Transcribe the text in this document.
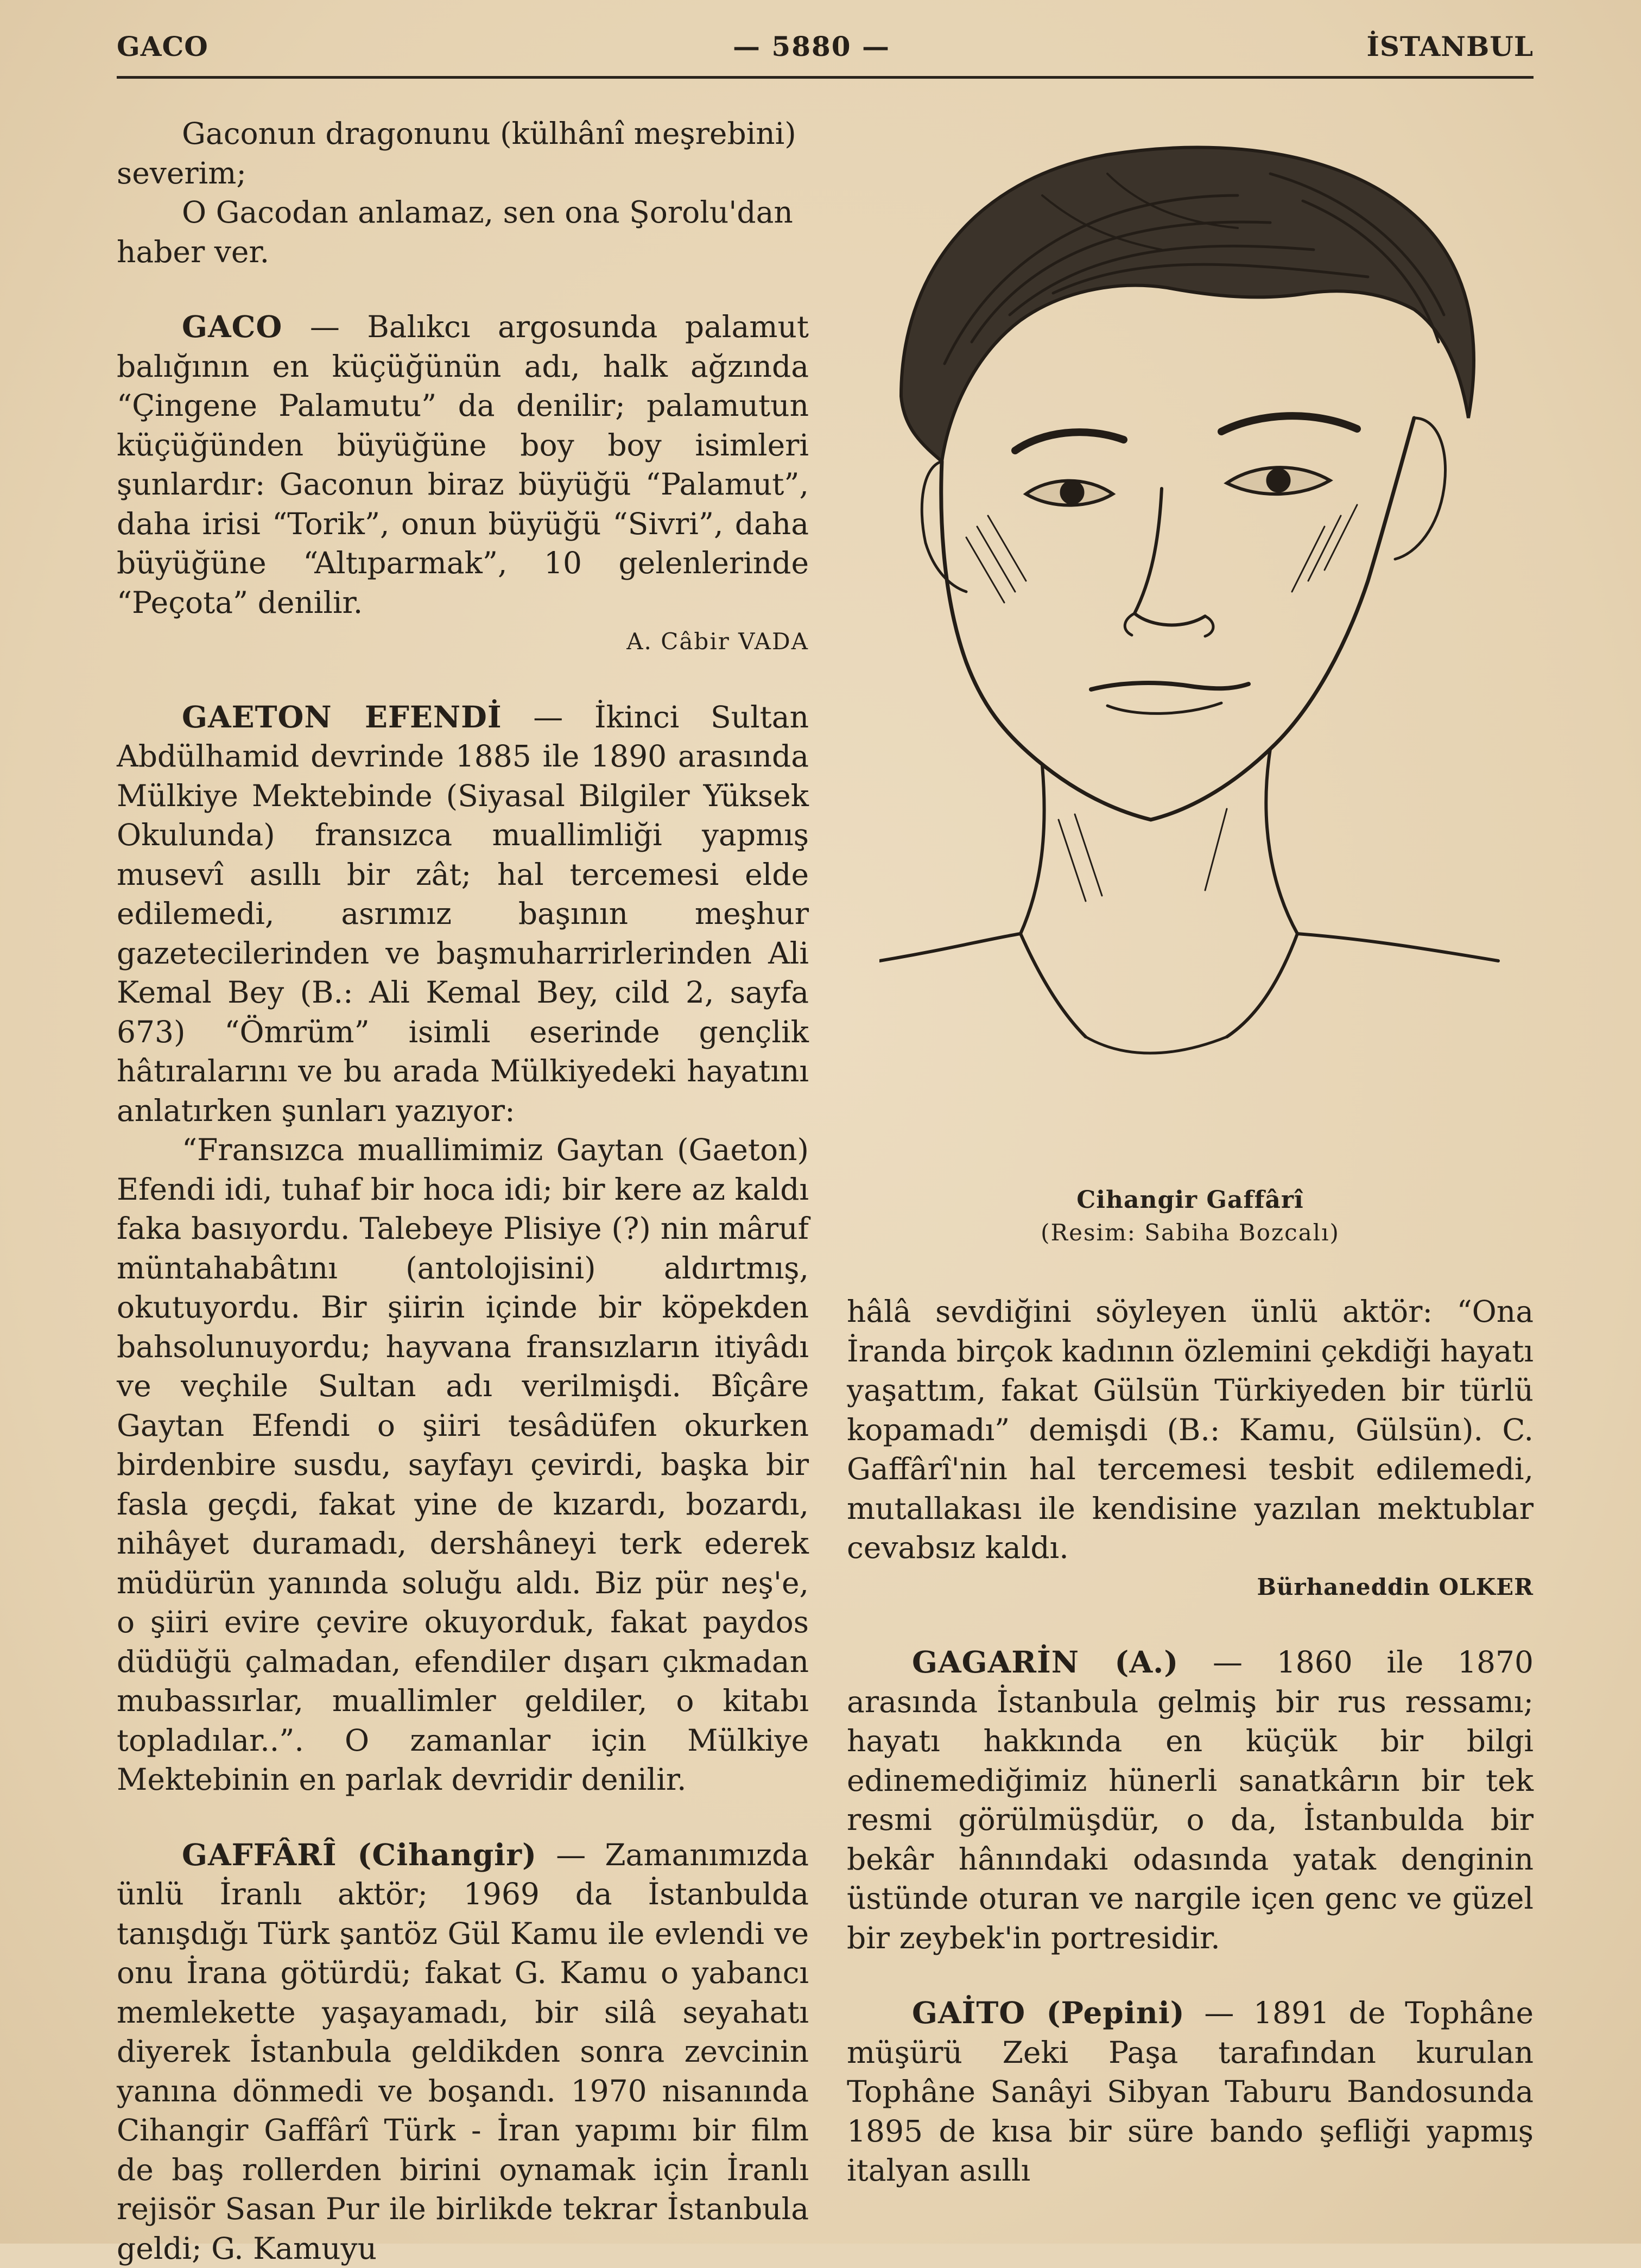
GACO	— 5880 —	İSTANBUL

Gaconun dragonunu (külhânî meşrebini)

severim;

O Gacodan anlamaz, sen ona Şorolu'dan

haber ver.

GACO — Balıkcı argosunda palamut balığının en küçüğünün adı, halk ağzında “Çingene Palamutu” da denilir; palamutun küçüğünden büyüğüne boy boy isimleri şunlardır: Gaconun biraz büyüğü “Palamut”, daha irisi “Torik”, onun büyüğü “Sivri”, daha büyüğüne “Altıparmak”, 10 gelenlerinde “Peçota” denilir.

A. Câbir VADA

GAETON EFENDİ — İkinci Sultan Abdülhamid devrinde 1885 ile 1890 arasında Mülkiye Mektebinde (Siyasal Bilgiler Yüksek Okulunda) fransızca muallimliği yapmış musevî asıllı bir zât; hal tercemesi elde edilemedi, asrımız başının meşhur gazetecilerinden ve başmuharrirlerinden Ali Kemal Bey (B.: Ali Kemal Bey, cild 2, sayfa 673) “Ömrüm” isimli eserinde gençlik hâtıralarını ve bu arada Mülkiyedeki hayatını anlatırken şunları yazıyor:

“Fransızca muallimimiz Gaytan (Gaeton) Efendi idi, tuhaf bir hoca idi; bir kere az kaldı faka basıyordu. Talebeye Plisiye (?) nin mâruf müntahabâtını (antolojisini) aldırtmış, okutuyordu. Bir şiirin içinde bir köpekden bahsolunuyordu; hayvana fransızların itiyâdı ve veçhile Sultan adı verilmişdi. Bîçâre Gaytan Efendi o şiiri tesâdüfen okurken birdenbire susdu, sayfayı çevirdi, başka bir fasla geçdi, fakat yine de kızardı, bozardı, nihâyet duramadı, dershâneyi terk ederek müdürün yanında soluğu aldı. Biz pür neş'e, o şiiri evire çevire okuyorduk, fakat paydos düdüğü çalmadan, efendiler dışarı çıkmadan mubassırlar, muallimler geldiler, o kitabı topladılar..”. O zamanlar için Mülkiye Mektebinin en parlak devridir denilir.

GAFFÂRÎ (Cihangir) — Zamanımızda ünlü İranlı aktör; 1969 da İstanbulda tanışdığı Türk şantöz Gül Kamu ile evlendi ve onu İrana götürdü; fakat G. Kamu o yabancı memlekette yaşayamadı, bir silâ seyahatı diyerek İstanbula geldikden sonra zevcinin yanına dönmedi ve boşandı. 1970 nisanında Cihangir Gaffârî Türk - İran yapımı bir film de baş rollerden birini oynamak için İranlı rejisör Sasan Pur ile birlikde tekrar İstanbula geldi; G. Kamuyu

Cihangir Gaffârî
(Resim: Sabiha Bozcalı)

hâlâ sevdiğini söyleyen ünlü aktör: “Ona İranda birçok kadının özlemini çekdiği hayatı yaşattım, fakat Gülsün Türkiyeden bir türlü kopamadı” demişdi (B.: Kamu, Gülsün). C. Gaffârî'nin hal tercemesi tesbit edilemedi, mutallakası ile kendisine yazılan mektublar cevabsız kaldı.

Bürhaneddin OLKER

GAGARİN (A.) — 1860 ile 1870 arasında İstanbula gelmiş bir rus ressamı; hayatı hakkında en küçük bir bilgi edinemediğimiz hünerli sanatkârın bir tek resmi görülmüşdür, o da, İstanbulda bir bekâr hânındaki odasında yatak denginin üstünde oturan ve nargile içen genc ve güzel bir zeybek'in portresidir.

GAİTO (Pepini) — 1891 de Tophâne müşürü Zeki Paşa tarafından kurulan Tophâne Sanâyi Sibyan Taburu Bandosunda 1895 de kısa bir süre bando şefliği yapmış italyan asıllı
